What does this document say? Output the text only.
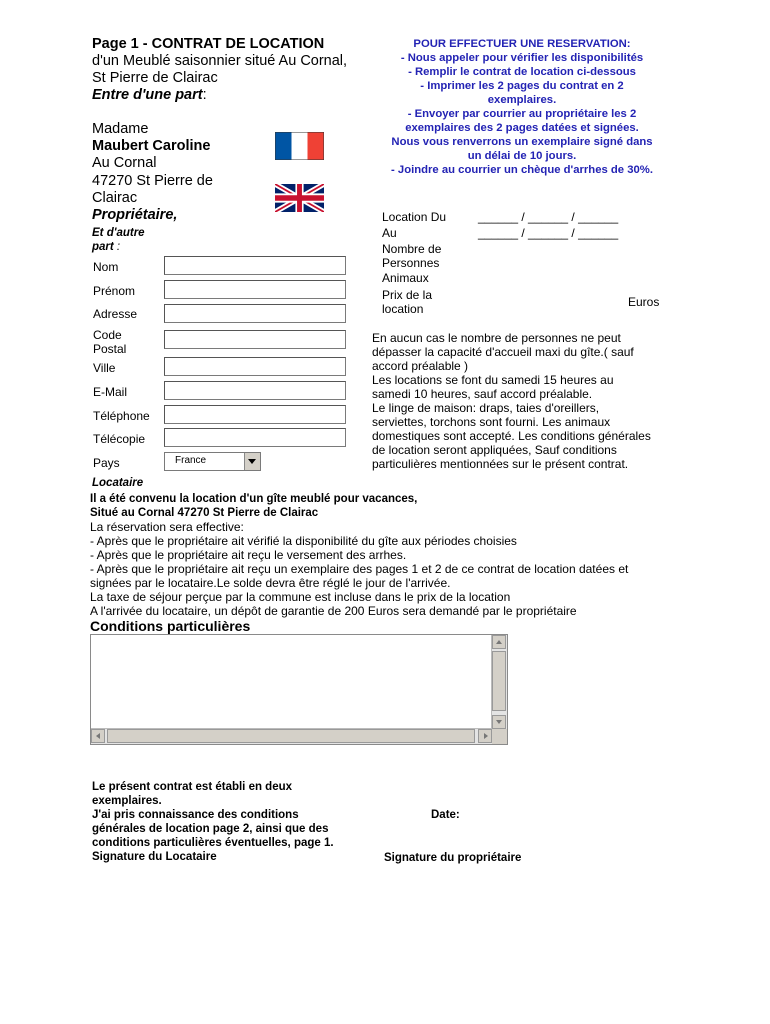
Page 1 - CONTRAT DE LOCATION
d'un Meublé saisonnier situé Au Cornal,
St Pierre de Clairac
Entre d'une part:
Madame
Maubert Caroline
Au Cornal
47270 St Pierre de
Clairac
Propriétaire,
Et d'autre
part :
POUR EFFECTUER UNE RESERVATION:
- Nous appeler pour vérifier les disponibilités
- Remplir le contrat de location ci-dessous
- Imprimer les 2 pages du contrat en 2
exemplaires.
- Envoyer par courrier au propriétaire les 2
exemplaires des 2 pages datées et signées.
Nous vous renverrons un exemplaire signé dans
un délai de 10 jours.
- Joindre au courrier un chèque d'arrhes de 30%.
Location Du	______ / ______ / ______
Au	______ / ______ / ______
Nombre de
Personnes
Animaux
Prix de la
location	Euros
En aucun cas le nombre de personnes ne peut
dépasser la capacité d'accueil maxi du gîte.( sauf
accord préalable )
Les locations se font du samedi 15 heures au
samedi 10 heures, sauf accord préalable.
Le linge de maison: draps, taies d'oreillers,
serviettes, torchons sont fourni. Les animaux
domestiques sont accepté. Les conditions générales
de location seront appliquées, Sauf conditions
particulières mentionnées sur le présent contrat.
Nom
Prénom
Adresse
Code
Postal
Ville
E-Mail
Téléphone
Télécopie
Pays	France
Locataire
Il a été convenu la location d'un gîte meublé pour vacances,
Situé au Cornal 47270 St Pierre de Clairac
La réservation sera effective:
- Après que le propriétaire ait vérifié la disponibilité du gîte aux périodes choisies
- Après que le propriétaire ait reçu le versement des arrhes.
- Après que le propriétaire ait reçu un exemplaire des pages 1 et 2 de ce contrat de location datées et
signées par le locataire.Le solde devra être réglé le jour de l'arrivée.
La taxe de séjour perçue par la commune est incluse dans le prix de la location
A l'arrivée du locataire, un dépôt de garantie de 200 Euros sera demandé par le propriétaire
Conditions particulières
Le présent contrat est établi en deux
exemplaires.
J'ai pris connaissance des conditions
générales de location page 2, ainsi que des
conditions particulières éventuelles, page 1.
Signature du Locataire
Date:
Signature du propriétaire
